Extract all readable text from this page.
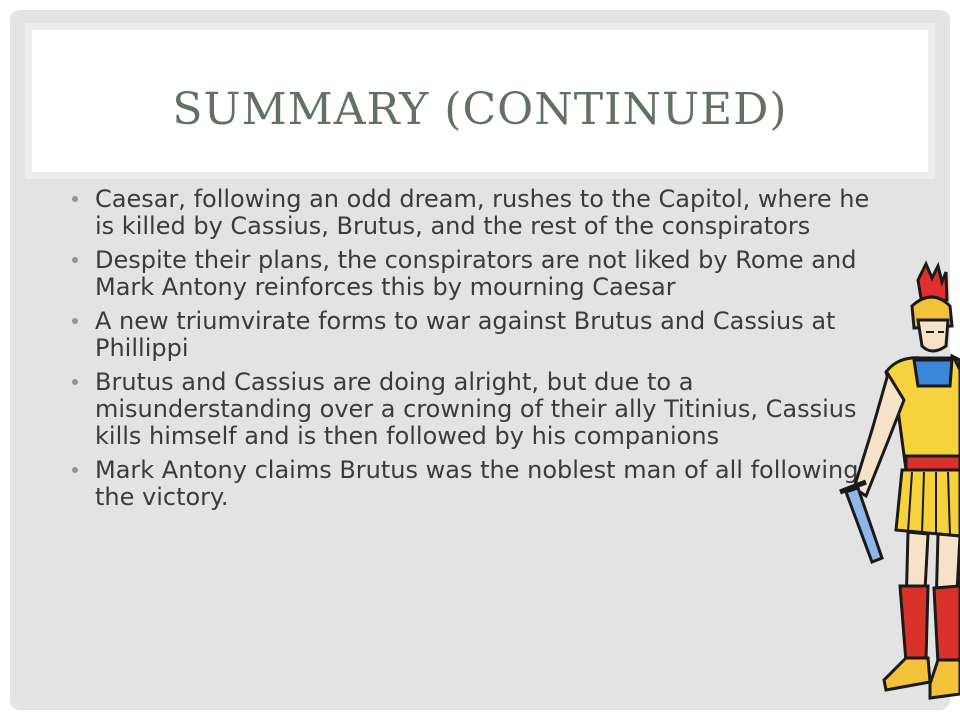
SUMMARY (CONTINUED)
Caesar, following an odd dream, rushes to the Capitol, where he is killed by Cassius, Brutus, and the rest of the conspirators
Despite their plans, the conspirators are not liked by Rome and Mark Antony reinforces this by mourning Caesar
A new triumvirate forms to war against Brutus and Cassius at Phillippi
Brutus and Cassius are doing alright, but due to a misunderstanding over a crowning of their ally Titinius, Cassius kills himself and is then followed by his companions
Mark Antony claims Brutus was the noblest man of all following the victory.
